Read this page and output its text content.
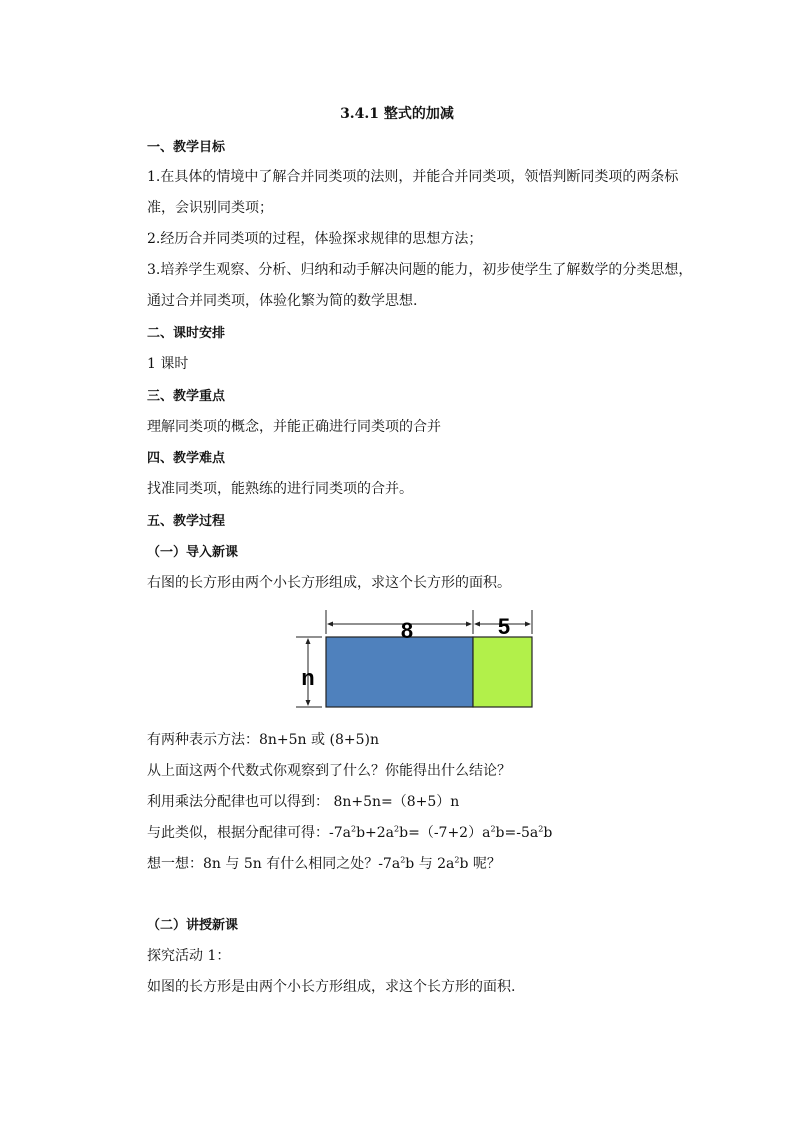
3.4.1 整式的加减
一、教学目标
1.在具体的情境中了解合并同类项的法则，并能合并同类项，领悟判断同类项的两条标
准，会识别同类项；
2.经历合并同类项的过程，体验探求规律的思想方法；
3.培养学生观察、分析、归纳和动手解决问题的能力，初步使学生了解数学的分类思想，
通过合并同类项，体验化繁为简的数学思想.
二、课时安排
1 课时
三、教学重点
理解同类项的概念，并能正确进行同类项的合并
四、教学难点
找准同类项，能熟练的进行同类项的合并。
五、教学过程
（一）导入新课
右图的长方形由两个小长方形组成，求这个长方形的面积。
8	5
n
有两种表示方法：8n+5n 或 (8+5)n
从上面这两个代数式你观察到了什么？你能得出什么结论？
利用乘法分配律也可以得到： 8n+5n=（8+5）n
与此类似，根据分配律可得：$-7a^2b+2a^2b=(-7+2)a^2b=-5a^2b$
想一想：8n 与 5n 有什么相同之处？$-7a^2b$ 与 $2a^2b$ 呢？
（二）讲授新课
探究活动 1：
如图的长方形是由两个小长方形组成，求这个长方形的面积.
